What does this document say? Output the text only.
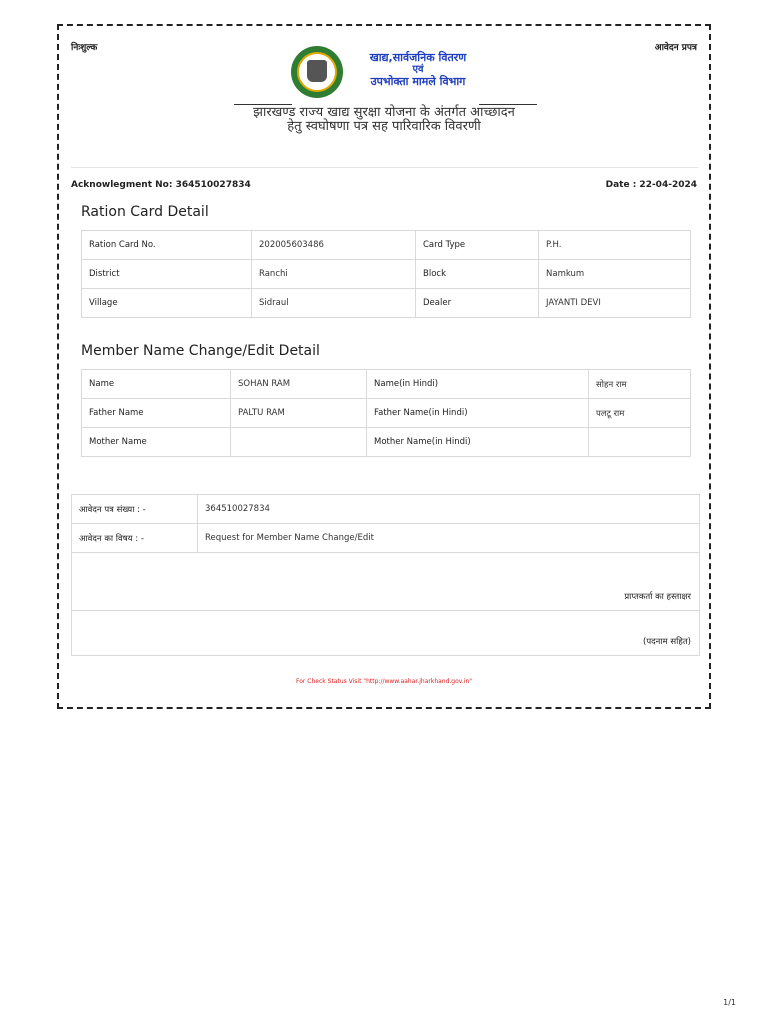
निःशुल्क	आवेदन प्रपत्र
खाद्य,सार्वजनिक वितरण
एवं
उपभोक्ता मामले विभाग
झारखण्ड राज्य खाद्य सुरक्षा योजना के अंतर्गत आच्छादन हेतु स्वघोषणा पत्र सह पारिवारिक विवरणी
Acknowlegment No: 364510027834	Date : 22-04-2024
Ration Card Detail
Ration Card No.	202005603486	Card Type	P.H.
District	Ranchi	Block	Namkum
Village	Sidraul	Dealer	JAYANTI DEVI
Member Name Change/Edit Detail
Name	SOHAN RAM	Name(in Hindi)	सोहन राम
Father Name	PALTU RAM	Father Name(in Hindi)	पलटू राम
Mother Name		Mother Name(in Hindi)	
आवेदन पत्र संख्या : -	364510027834
आवेदन का विषय : -	Request for Member Name Change/Edit

प्राप्तकर्ता का हस्ताक्षर	

(पदनाम सहित)	
For Check Status Visit "http://www.aahar.jharkhand.gov.in"
1/1
